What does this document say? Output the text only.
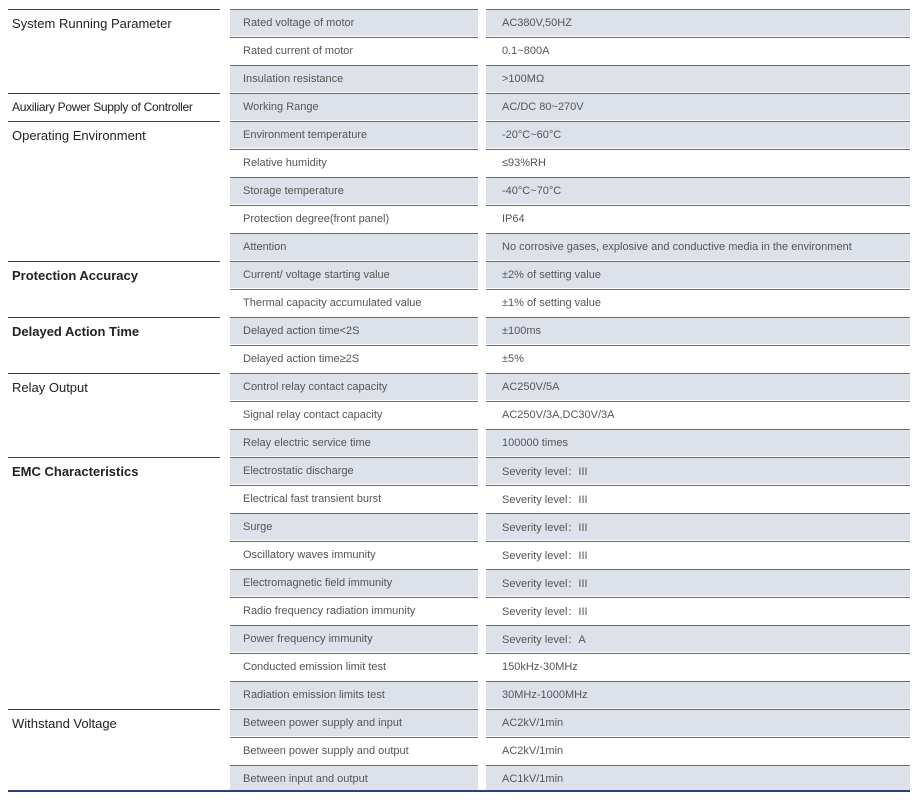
System Running Parameter	Rated voltage of motor	AC380V,50HZ
Rated current of motor	0.1~800A
Insulation resistance	>100MΩ
Auxiliary Power Supply of Controller	Working Range	AC/DC 80~270V
Operating Environment	Environment temperature	-20°C~60°C
Relative humidity	≤93%RH
Storage temperature	-40°C~70°C
Protection degree(front panel)	IP64
Attention	No corrosive gases, explosive and conductive media in the environment
Protection Accuracy	Current/ voltage starting value	±2% of setting value
Thermal capacity accumulated value	±1% of setting value
Delayed Action Time	Delayed action time<2S	±100ms
Delayed action time≥2S	±5%
Relay Output	Control relay contact capacity	AC250V/5A
Signal relay contact capacity	AC250V/3A,DC30V/3A
Relay electric service time	100000 times
EMC Characteristics	Electrostatic discharge	Severity level：III
Electrical fast transient burst	Severity level：III
Surge	Severity level：III
Oscillatory waves immunity	Severity level：III
Electromagnetic field immunity	Severity level：III
Radio frequency radiation immunity	Severity level：III
Power frequency immunity	Severity level：A
Conducted emission limit test	150kHz-30MHz
Radiation emission limits test	30MHz-1000MHz
Withstand Voltage	Between power supply and input	AC2kV/1min
Between power supply and output	AC2kV/1min
Between input and output	AC1kV/1min
